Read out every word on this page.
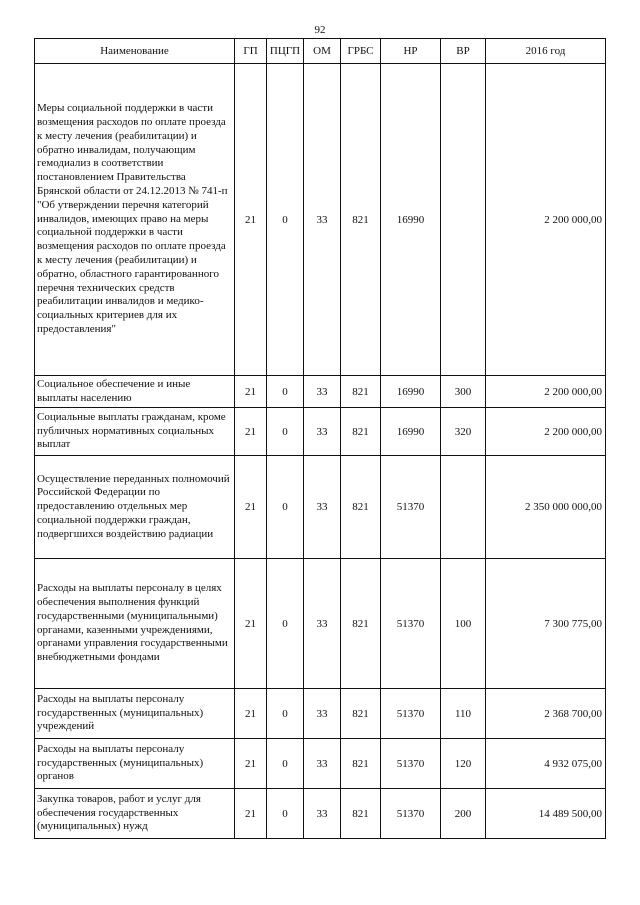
92
Наименование	ГП	ПЦГП	ОМ	ГРБС	НР	ВР	2016 год
Меры социальной поддержки в части возмещения расходов по оплате проезда к месту лечения (реабилитации) и обратно инвалидам, получающим гемодиализ в соответствии постановлением Правительства Брянской области от 24.12.2013 № 741-п "Об утверждении перечня категорий инвалидов, имеющих право на меры социальной поддержки в части возмещения расходов по оплате проезда к месту лечения (реабилитации) и обратно, областного гарантированного перечня технических средств реабилитации инвалидов и медико-социальных критериев для их предоставления"	21	0	33	821	16990		2 200 000,00
Социальное обеспечение и иные выплаты населению	21	0	33	821	16990	300	2 200 000,00
Социальные выплаты гражданам, кроме публичных нормативных социальных выплат	21	0	33	821	16990	320	2 200 000,00
Осуществление переданных полномочий Российской Федерации по предоставлению отдельных мер социальной поддержки граждан, подвергшихся воздействию радиации	21	0	33	821	51370		2 350 000 000,00
Расходы на выплаты персоналу в целях обеспечения выполнения функций государственными (муниципальными) органами, казенными учреждениями, органами управления государственными внебюджетными фондами	21	0	33	821	51370	100	7 300 775,00
Расходы на выплаты персоналу государственных (муниципальных) учреждений	21	0	33	821	51370	110	2 368 700,00
Расходы на выплаты персоналу государственных (муниципальных) органов	21	0	33	821	51370	120	4 932 075,00
Закупка товаров, работ и услуг для обеспечения государственных (муниципальных) нужд	21	0	33	821	51370	200	14 489 500,00
